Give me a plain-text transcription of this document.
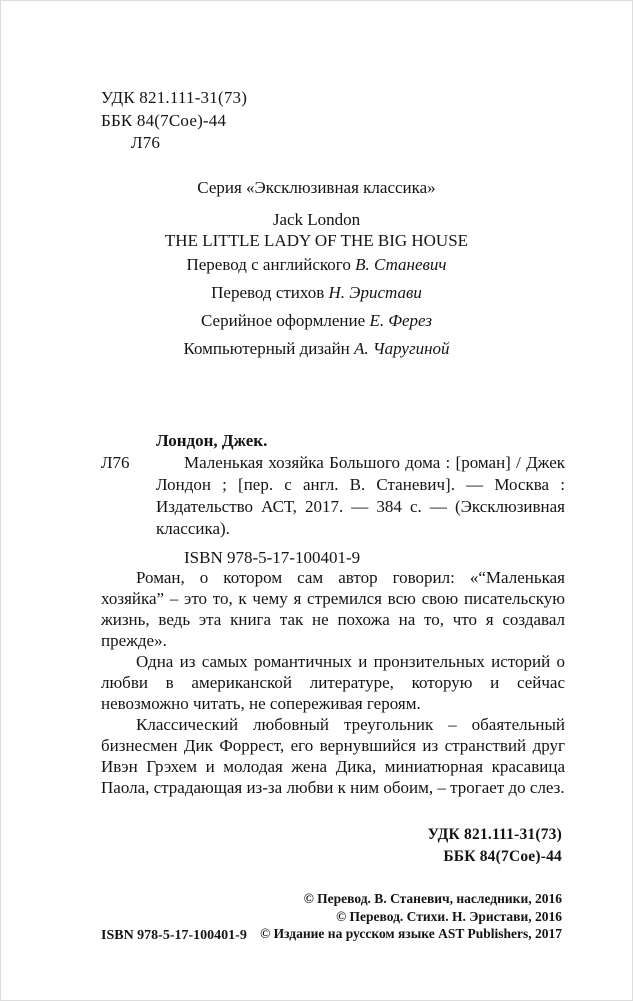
УДК 821.111-31(73)
ББК 84(7Сое)-44
Л76
Серия «Эксклюзивная классика»
Jack London
THE LITTLE LADY OF THE BIG HOUSE
Перевод с английского В. Станевич
Перевод стихов Н. Эристави
Серийное оформление Е. Ферез
Компьютерный дизайн А. Чаругиной
Лондон, Джек.
Л76	Маленькая хозяйка Большого дома : [роман] / Джек Лондон ; [пер. с англ. В. Станевич]. — Москва : Издательство АСТ, 2017. — 384 с. — (Эксклюзивная классика).

ISBN 978-5-17-100401-9

Роман, о котором сам автор говорил: «“Маленькая хозяйка” – это то, к чему я стремился всю свою писательскую жизнь, ведь эта книга так не похожа на то, что я создавал прежде».

Одна из самых романтичных и пронзительных историй о любви в американской литературе, которую и сейчас невозможно читать, не сопереживая героям.

Классический любовный треугольник – обаятельный бизнесмен Дик Форрест, его вернувшийся из странствий друг Ивэн Грэхем и молодая жена Дика, миниатюрная красавица Паола, страдающая из-за любви к ним обоим, – трогает до слез.

УДК 821.111-31(73)
ББК 84(7Сое)-44
© Перевод. В. Станевич, наследники, 2016
© Перевод. Стихи. Н. Эристави, 2016
© Издание на русском языке AST Publishers, 2017
ISBN 978-5-17-100401-9
